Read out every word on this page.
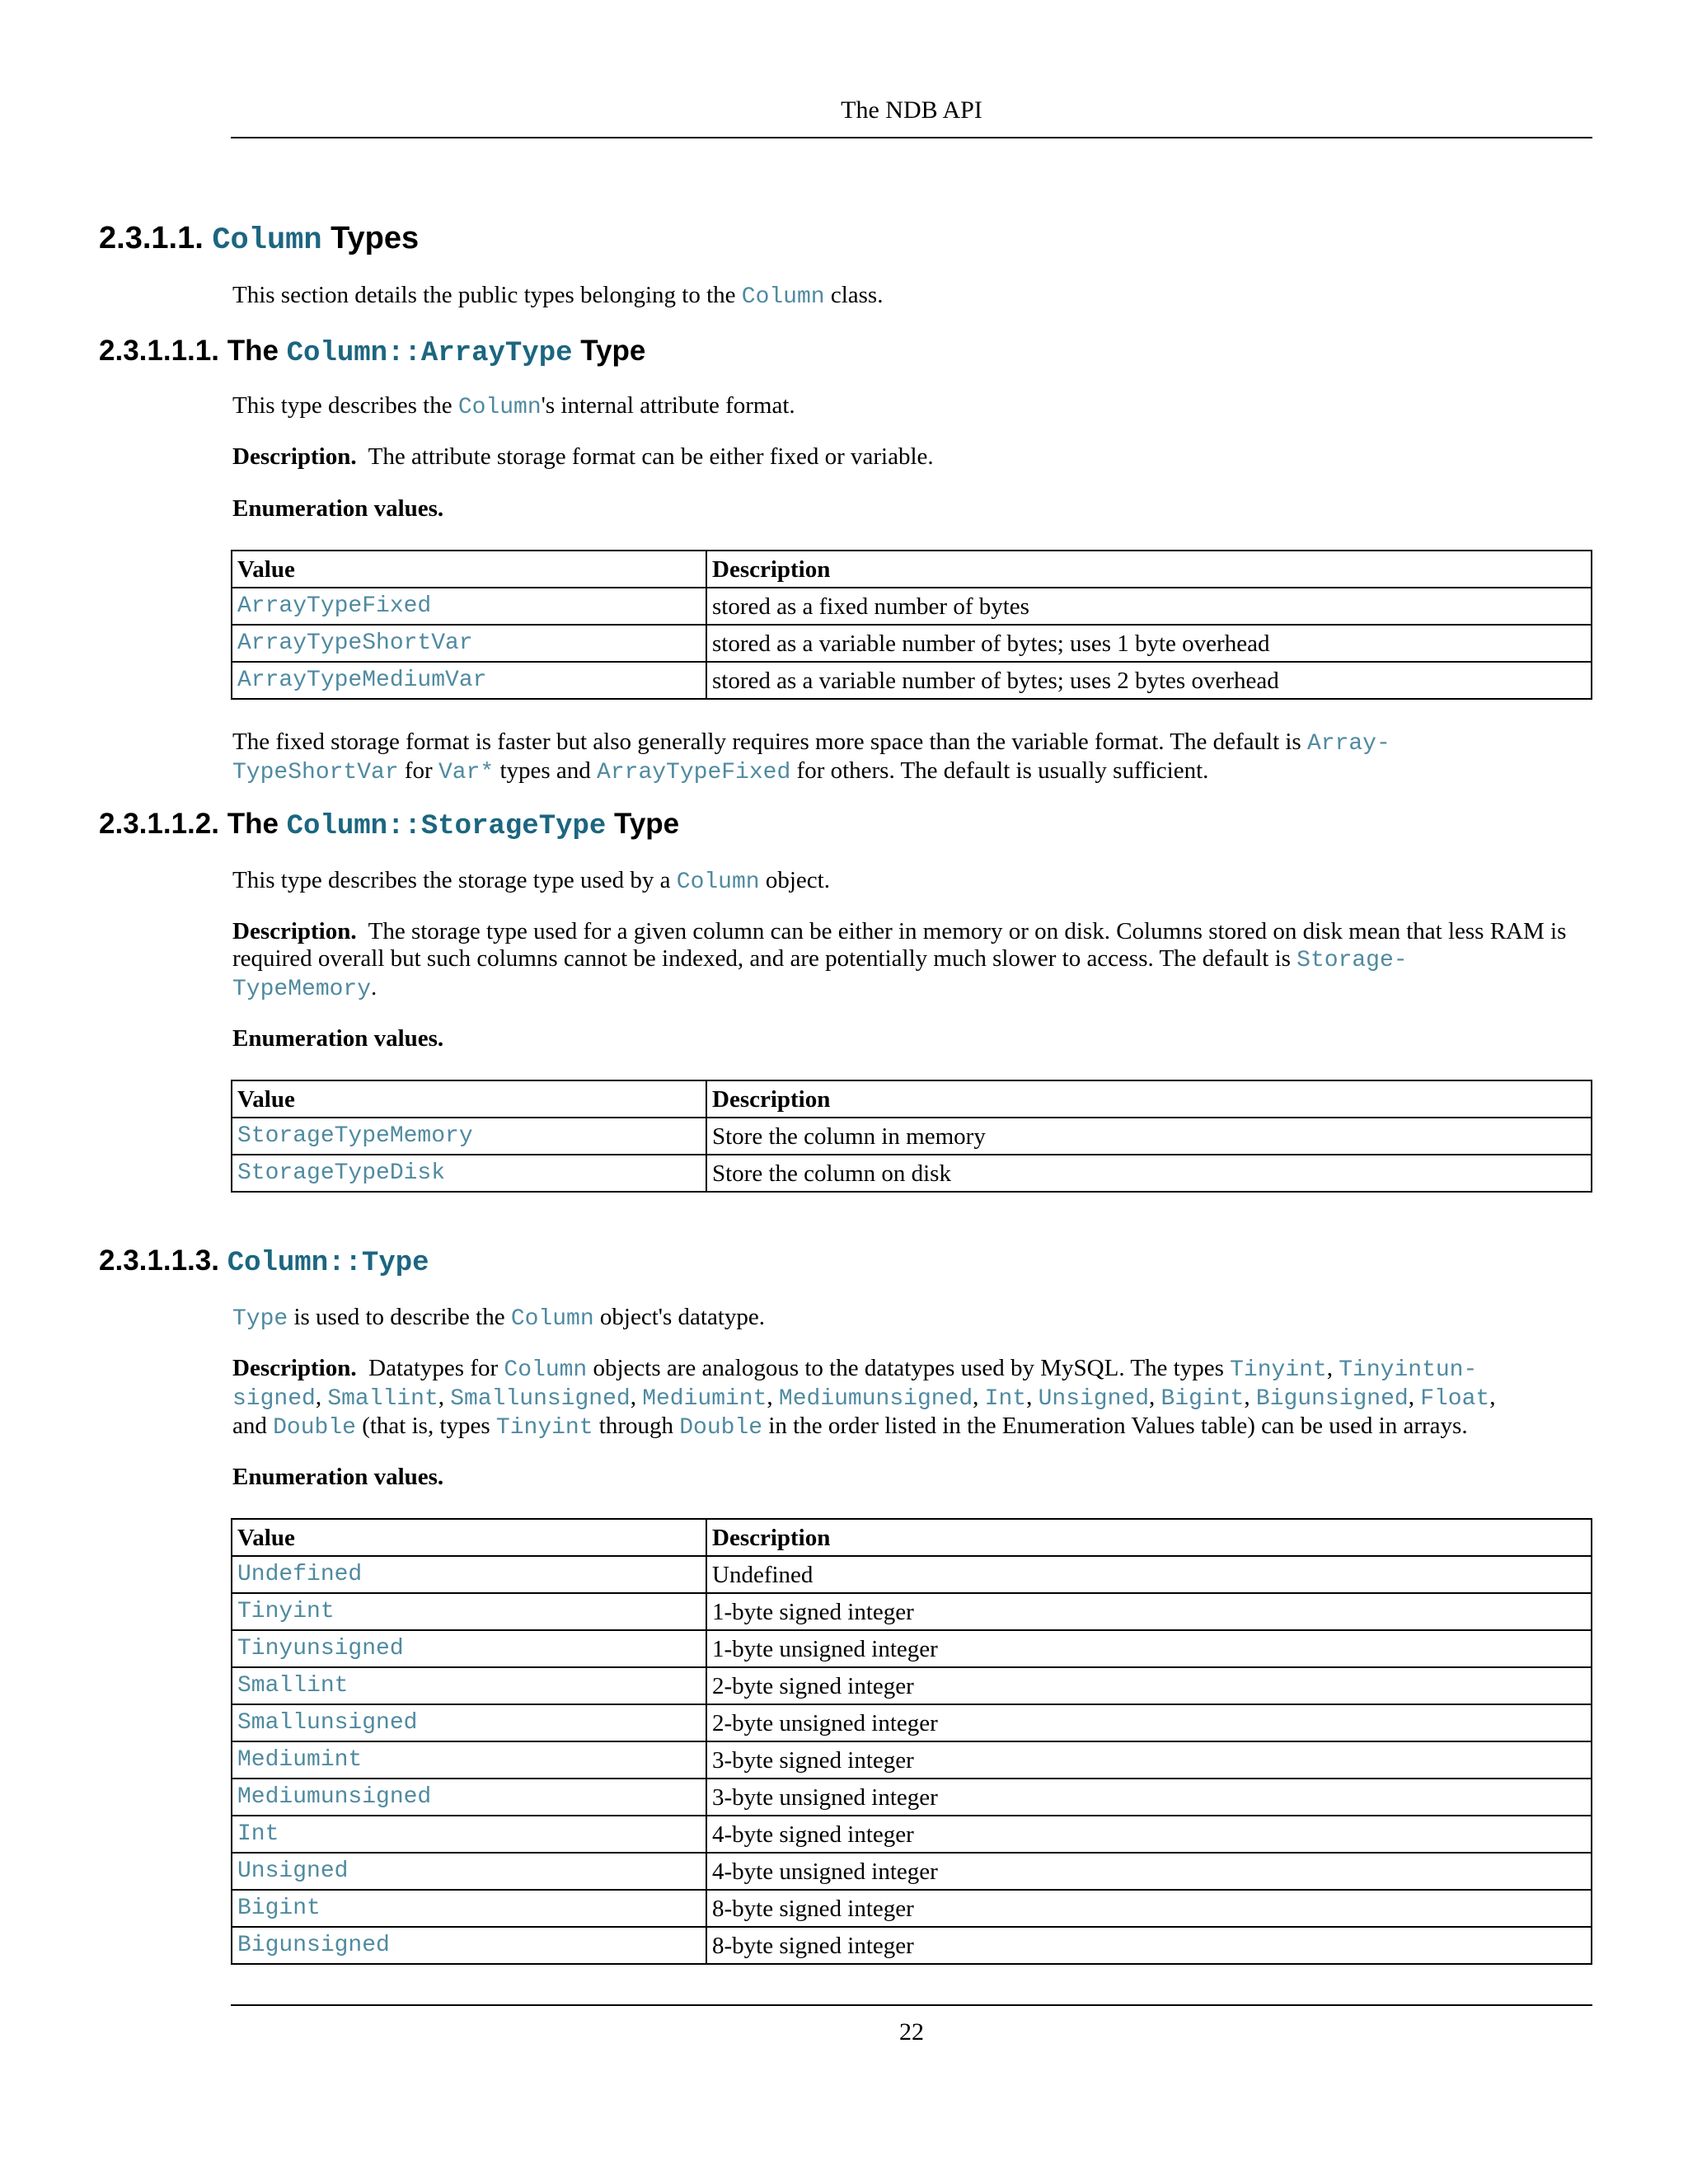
The NDB API
2.3.1.1. Column Types
This section details the public types belonging to the Column class.
2.3.1.1.1. The Column::ArrayType Type
This type describes the Column's internal attribute format.
Description. The attribute storage format can be either fixed or variable.
Enumeration values.
Value	Description
ArrayTypeFixed	stored as a fixed number of bytes
ArrayTypeShortVar	stored as a variable number of bytes; uses 1 byte overhead
ArrayTypeMediumVar	stored as a variable number of bytes; uses 2 bytes overhead
The fixed storage format is faster but also generally requires more space than the variable format. The default is Array-
TypeShortVar for Var* types and ArrayTypeFixed for others. The default is usually sufficient.
2.3.1.1.2. The Column::StorageType Type
This type describes the storage type used by a Column object.
Description. The storage type used for a given column can be either in memory or on disk. Columns stored on disk mean that less RAM is required overall but such columns cannot be indexed, and are potentially much slower to access. The default is Storage-
TypeMemory.
Enumeration values.
Value	Description
StorageTypeMemory	Store the column in memory
StorageTypeDisk	Store the column on disk
2.3.1.1.3. Column::Type
Type is used to describe the Column object's datatype.
Description. Datatypes for Column objects are analogous to the datatypes used by MySQL. The types Tinyint, Tinyintun-
signed, Smallint, Smallunsigned, Mediumint, Mediumunsigned, Int, Unsigned, Bigint, Bigunsigned, Float,
and Double (that is, types Tinyint through Double in the order listed in the Enumeration Values table) can be used in arrays.
Enumeration values.
Value	Description
Undefined	Undefined
Tinyint	1-byte signed integer
Tinyunsigned	1-byte unsigned integer
Smallint	2-byte signed integer
Smallunsigned	2-byte unsigned integer
Mediumint	3-byte signed integer
Mediumunsigned	3-byte unsigned integer
Int	4-byte signed integer
Unsigned	4-byte unsigned integer
Bigint	8-byte signed integer
Bigunsigned	8-byte signed integer
22
